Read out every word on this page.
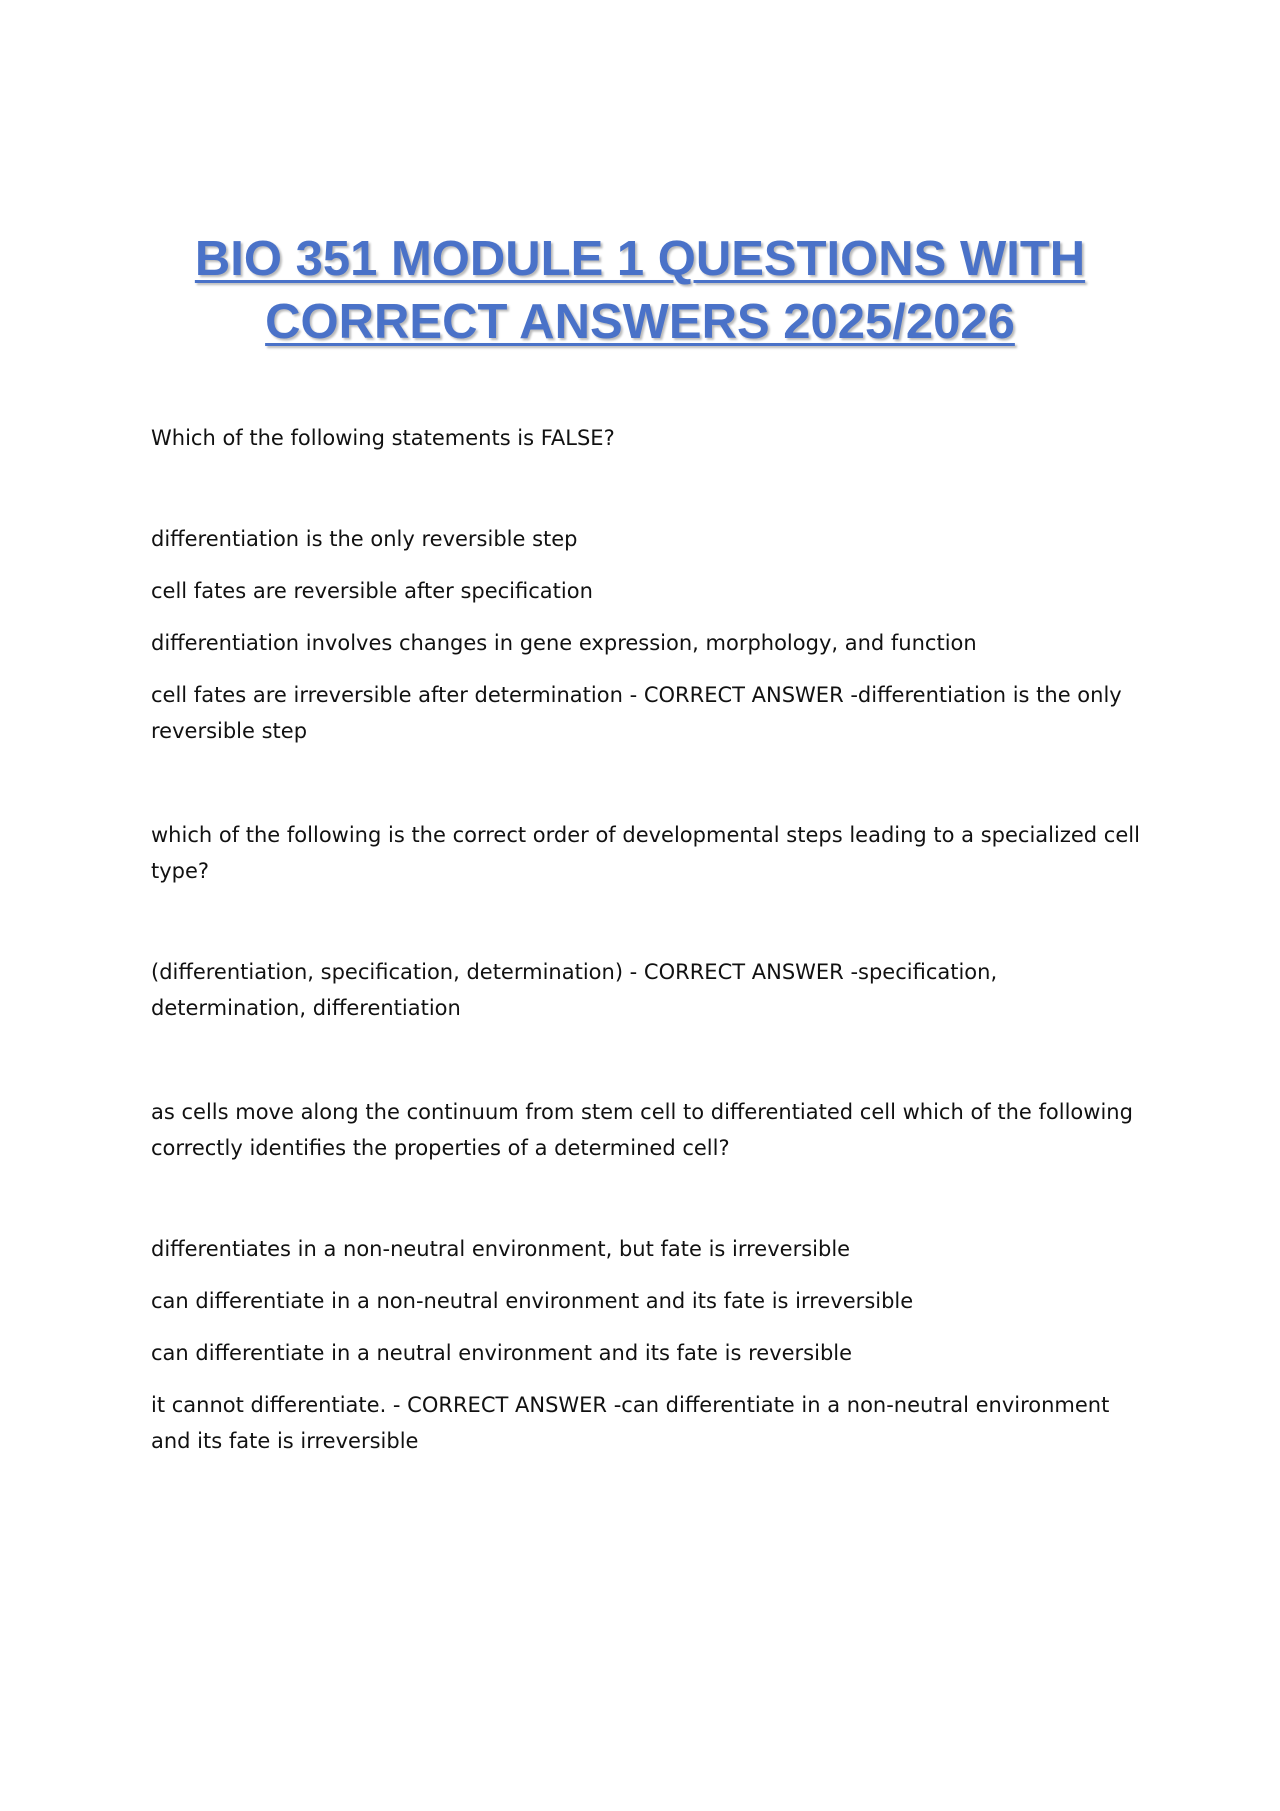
BIO 351 MODULE 1 QUESTIONS WITH
CORRECT ANSWERS 2025/2026

Which of the following statements is FALSE?

differentiation is the only reversible step
cell fates are reversible after specification
differentiation involves changes in gene expression, morphology, and function
cell fates are irreversible after determination - CORRECT ANSWER -differentiation is the only reversible step

which of the following is the correct order of developmental steps leading to a specialized cell type?

(differentiation, specification, determination) - CORRECT ANSWER -specification, determination, differentiation

as cells move along the continuum from stem cell to differentiated cell which of the following correctly identifies the properties of a determined cell?

differentiates in a non-neutral environment, but fate is irreversible
can differentiate in a non-neutral environment and its fate is irreversible
can differentiate in a neutral environment and its fate is reversible
it cannot differentiate. - CORRECT ANSWER -can differentiate in a non-neutral environment and its fate is irreversible
